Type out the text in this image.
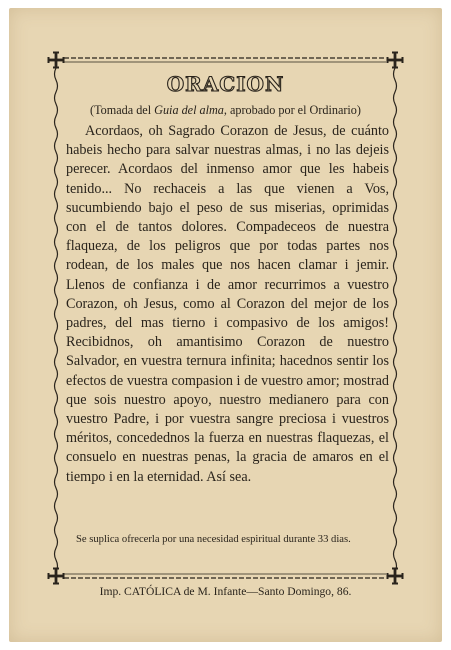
ORACION
(Tomada del Guia del alma, aprobado por el Ordinario)

Acordaos, oh Sagrado Corazon de Jesus, de cuánto habeis hecho para salvar nuestras almas, i no las dejeis perecer. Acordaos del inmenso amor que les habeis tenido... No rechaceis a las que vienen a Vos, sucumbiendo bajo el peso de sus miserias, oprimidas con el de tantos dolores. Compadeceos de nuestra flaqueza, de los peligros que por todas partes nos rodean, de los males que nos hacen clamar i jemir. Llenos de confianza i de amor recurrimos a vuestro Corazon, oh Jesus, como al Corazon del mejor de los padres, del mas tierno i compasivo de los amigos! Recibidnos, oh amantisimo Corazon de nuestro Salvador, en vuestra ternura infinita; hacednos sentir los efectos de vuestra compasion i de vuestro amor; mostrad que sois nuestro apoyo, nuestro medianero para con vuestro Padre, i por vuestra sangre preciosa i vuestros méritos, concedednos la fuerza en nuestras flaquezas, el consuelo en nuestras penas, la gracia de amaros en el tiempo i en la eternidad. Así sea.

Se suplica ofrecerla por una necesidad espiritual durante 33 dias.

Imp. CATÓLICA de M. Infante—Santo Domingo, 86.
